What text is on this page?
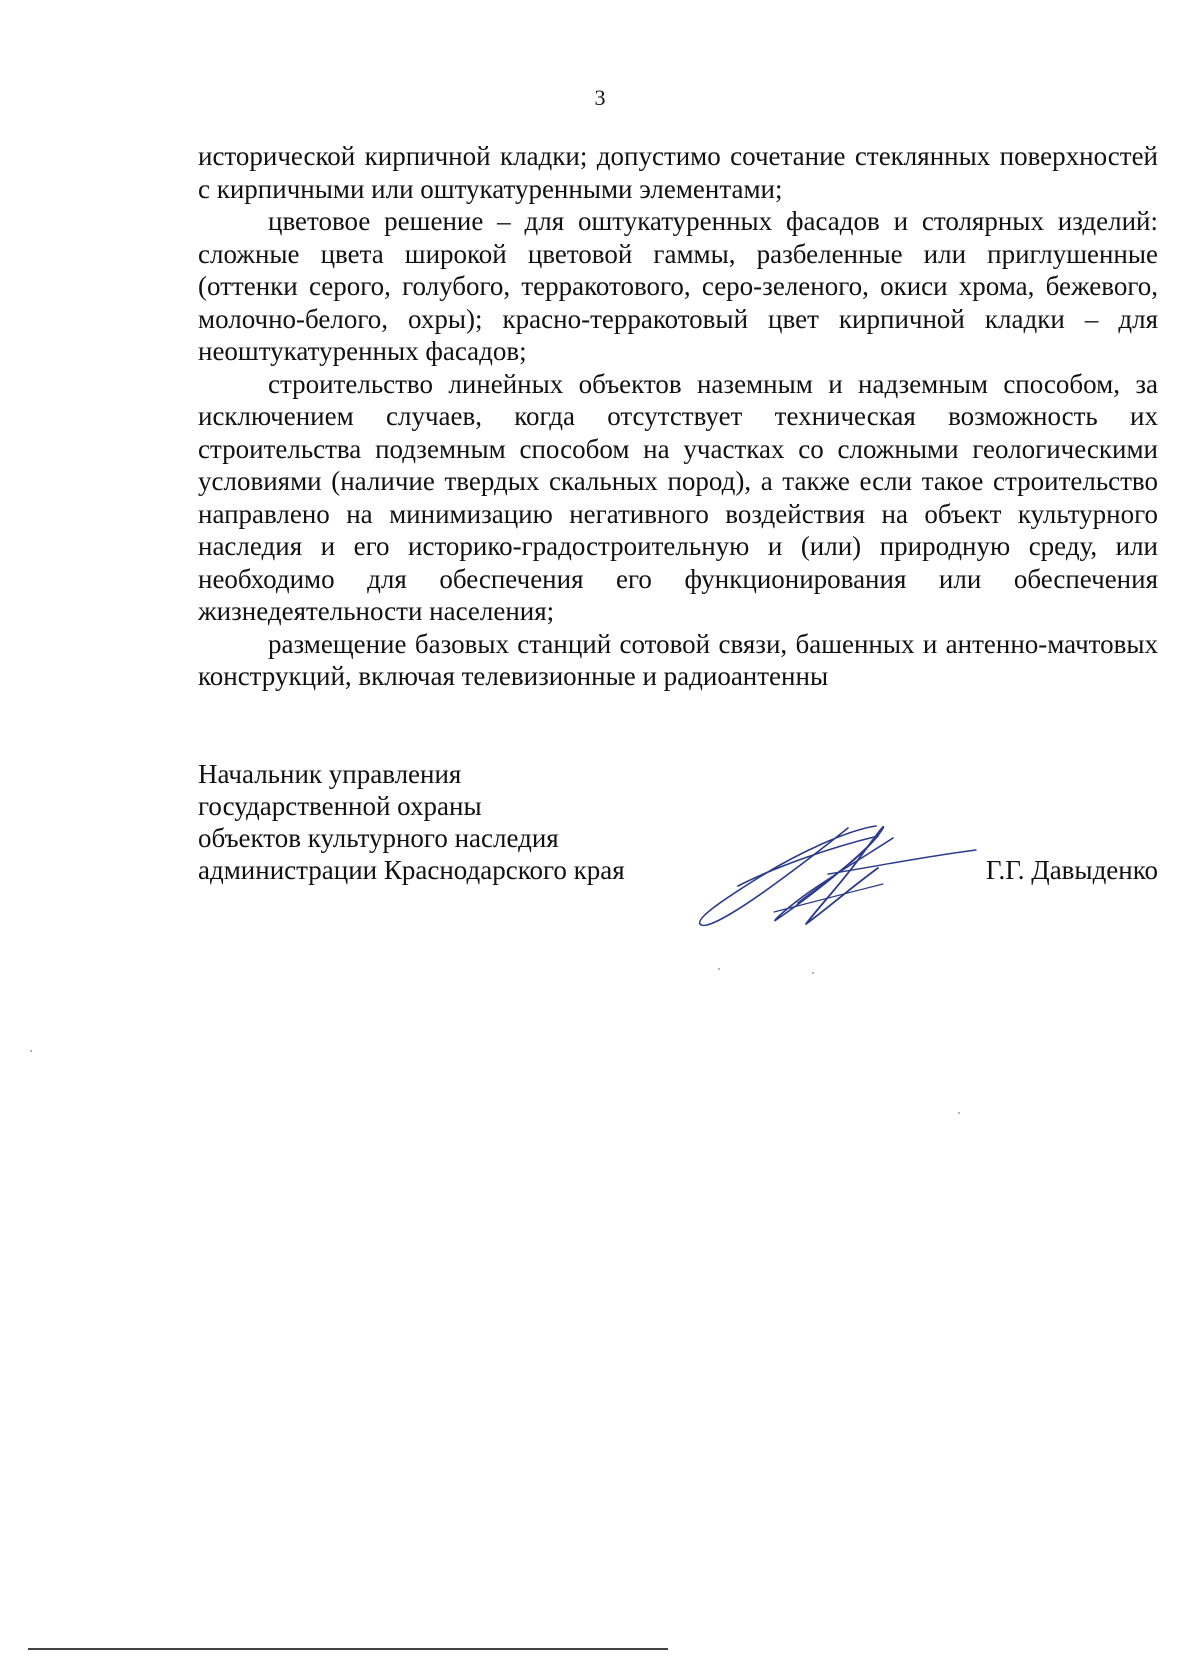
3

исторической кирпичной кладки; допустимо сочетание стеклянных поверхностей с кирпичными или оштукатуренными элементами;

цветовое решение – для оштукатуренных фасадов и столярных изделий: сложные цвета широкой цветовой гаммы, разбеленные или приглушенные (оттенки серого, голубого, терракотового, серо-зеленого, окиси хрома, бежевого, молочно-белого, охры); красно-терракотовый цвет кирпичной кладки – для неоштукатуренных фасадов;

строительство линейных объектов наземным и надземным способом, за исключением случаев, когда отсутствует техническая возможность их строительства подземным способом на участках со сложными геологическими условиями (наличие твердых скальных пород), а также если такое строительство направлено на минимизацию негативного воздействия на объект культурного наследия и его историко-градостроительную и (или) природную среду, или необходимо для обеспечения его функционирования или обеспечения жизнедеятельности населения;

размещение базовых станций сотовой связи, башенных и антенно-мачтовых конструкций, включая телевизионные и радиоантенны

Начальник управления
государственной охраны
объектов культурного наследия
администрации Краснодарского края	Г.Г. Давыденко
